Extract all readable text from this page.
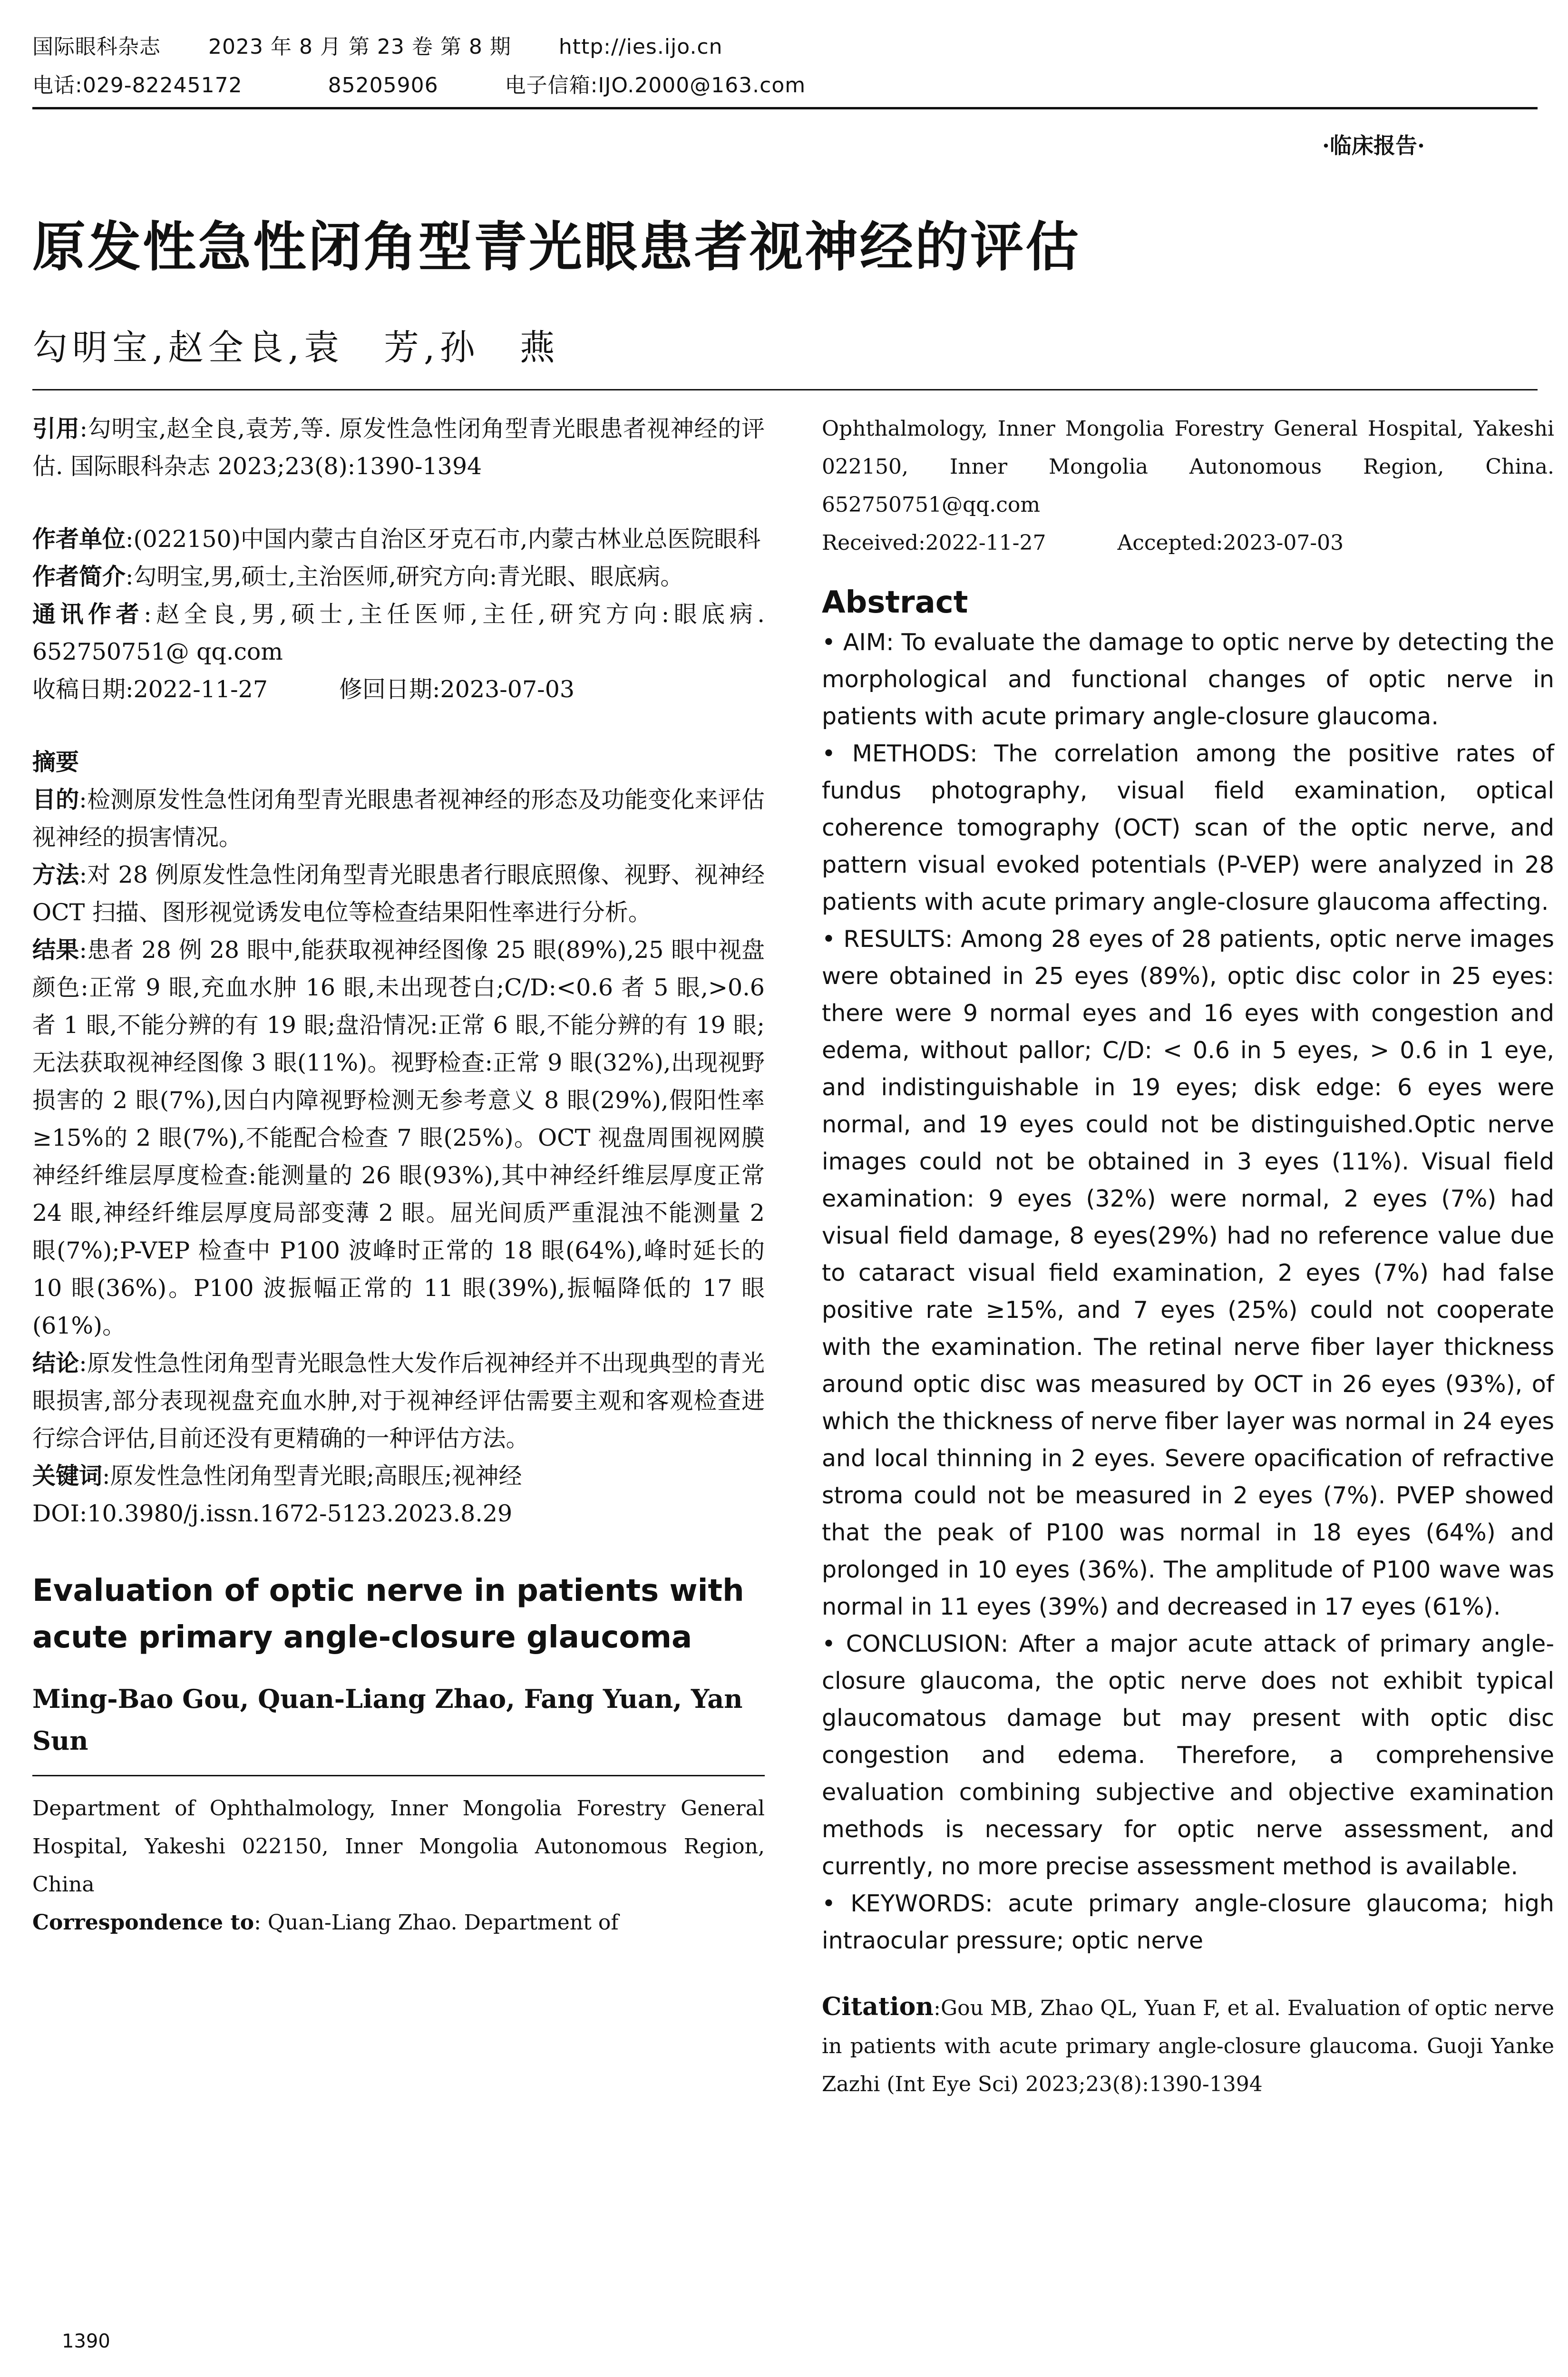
国际眼科杂志 2023 年 8 月 第 23 卷 第 8 期 http://ies.ijo.cn
电话:029-82245172	85205906	电子信箱:IJO.2000@163.com
·临床报告·
原发性急性闭角型青光眼患者视神经的评估
勾明宝,赵全良,袁　芳,孙　燕

引用:勾明宝,赵全良,袁芳,等. 原发性急性闭角型青光眼患者视神经的评估. 国际眼科杂志 2023;23(8):1390-1394

作者单位:(022150)中国内蒙古自治区牙克石市,内蒙古林业总医院眼科

作者简介:勾明宝,男,硕士,主治医师,研究方向:青光眼、眼底病。

通讯作者:赵全良,男,硕士,主任医师,主任,研究方向:眼底病. 652750751@ qq.com

收稿日期:2022-11-27	修回日期:2023-07-03

摘要

目的:检测原发性急性闭角型青光眼患者视神经的形态及功能变化来评估视神经的损害情况。

方法:对 28 例原发性急性闭角型青光眼患者行眼底照像、视野、视神经 OCT 扫描、图形视觉诱发电位等检查结果阳性率进行分析。

结果:患者 28 例 28 眼中,能获取视神经图像 25 眼(89%),25 眼中视盘颜色:正常 9 眼,充血水肿 16 眼,未出现苍白;C/D:<0.6 者 5 眼,>0.6 者 1 眼,不能分辨的有 19 眼;盘沿情况:正常 6 眼,不能分辨的有 19 眼;无法获取视神经图像 3 眼(11%)。视野检查:正常 9 眼(32%),出现视野损害的 2 眼(7%),因白内障视野检测无参考意义 8 眼(29%),假阳性率≥15%的 2 眼(7%),不能配合检查 7 眼(25%)。OCT 视盘周围视网膜神经纤维层厚度检查:能测量的 26 眼(93%),其中神经纤维层厚度正常 24 眼,神经纤维层厚度局部变薄 2 眼。屈光间质严重混浊不能测量 2 眼(7%);P-VEP 检查中 P100 波峰时正常的 18 眼(64%),峰时延长的 10 眼(36%)。P100 波振幅正常的 11 眼(39%),振幅降低的 17 眼(61%)。

结论:原发性急性闭角型青光眼急性大发作后视神经并不出现典型的青光眼损害,部分表现视盘充血水肿,对于视神经评估需要主观和客观检查进行综合评估,目前还没有更精确的一种评估方法。

关键词:原发性急性闭角型青光眼;高眼压;视神经

DOI:10.3980/j.issn.1672-5123.2023.8.29

Evaluation of optic nerve in patients with acute primary angle-closure glaucoma

Ming-Bao Gou, Quan-Liang Zhao, Fang Yuan, Yan Sun

Department of Ophthalmology, Inner Mongolia Forestry General Hospital, Yakeshi 022150, Inner Mongolia Autonomous Region, China

Correspondence to: Quan-Liang Zhao. Department of

Ophthalmology, Inner Mongolia Forestry General Hospital, Yakeshi 022150, Inner Mongolia Autonomous Region, China. 652750751@qq.com

Received:2022-11-27	Accepted:2023-07-03

Abstract

• AIM: To evaluate the damage to optic nerve by detecting the morphological and functional changes of optic nerve in patients with acute primary angle-closure glaucoma.

• METHODS: The correlation among the positive rates of fundus photography, visual field examination, optical coherence tomography (OCT) scan of the optic nerve, and pattern visual evoked potentials (P-VEP) were analyzed in 28 patients with acute primary angle-closure glaucoma affecting.

• RESULTS: Among 28 eyes of 28 patients, optic nerve images were obtained in 25 eyes (89%), optic disc color in 25 eyes: there were 9 normal eyes and 16 eyes with congestion and edema, without pallor; C/D: < 0.6 in 5 eyes, > 0.6 in 1 eye, and indistinguishable in 19 eyes; disk edge: 6 eyes were normal, and 19 eyes could not be distinguished.Optic nerve images could not be obtained in 3 eyes (11%). Visual field examination: 9 eyes (32%) were normal, 2 eyes (7%) had visual field damage, 8 eyes(29%) had no reference value due to cataract visual field examination, 2 eyes (7%) had false positive rate ≥15%, and 7 eyes (25%) could not cooperate with the examination. The retinal nerve fiber layer thickness around optic disc was measured by OCT in 26 eyes (93%), of which the thickness of nerve fiber layer was normal in 24 eyes and local thinning in 2 eyes. Severe opacification of refractive stroma could not be measured in 2 eyes (7%). PVEP showed that the peak of P100 was normal in 18 eyes (64%) and prolonged in 10 eyes (36%). The amplitude of P100 wave was normal in 11 eyes (39%) and decreased in 17 eyes (61%).

• CONCLUSION: After a major acute attack of primary angle-closure glaucoma, the optic nerve does not exhibit typical glaucomatous damage but may present with optic disc congestion and edema. Therefore, a comprehensive evaluation combining subjective and objective examination methods is necessary for optic nerve assessment, and currently, no more precise assessment method is available.

• KEYWORDS: acute primary angle-closure glaucoma; high intraocular pressure; optic nerve

Citation:Gou MB, Zhao QL, Yuan F, et al. Evaluation of optic nerve in patients with acute primary angle-closure glaucoma. Guoji Yanke Zazhi (Int Eye Sci) 2023;23(8):1390-1394

1390
